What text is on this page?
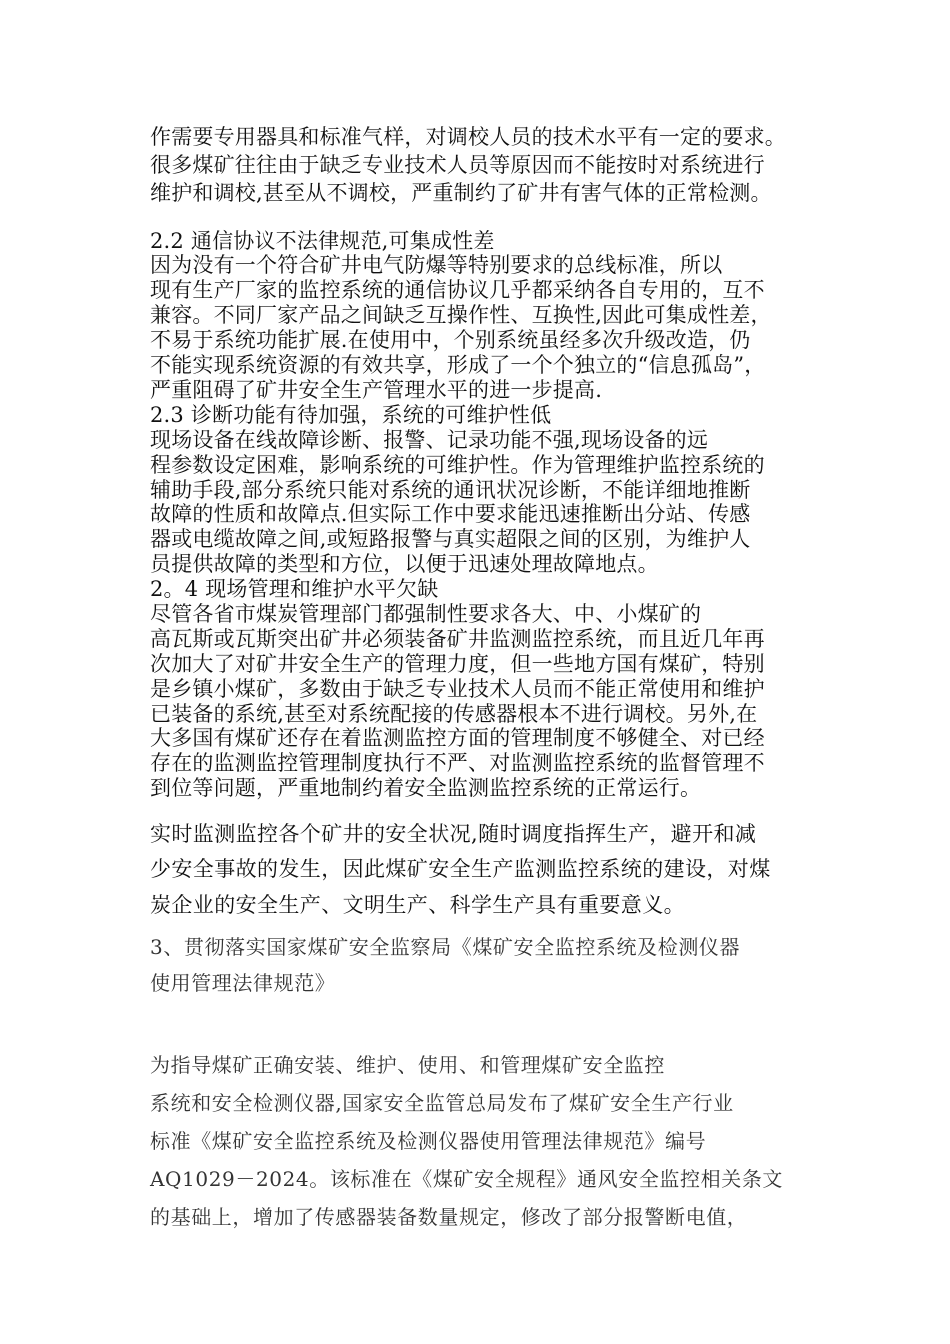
作需要专用器具和标准气样，对调校人员的技术水平有一定的要求。
很多煤矿往往由于缺乏专业技术人员等原因而不能按时对系统进行
维护和调校,甚至从不调校，严重制约了矿井有害气体的正常检测。
2.2 通信协议不法律规范,可集成性差
因为没有一个符合矿井电气防爆等特别要求的总线标准，所以
现有生产厂家的监控系统的通信协议几乎都采纳各自专用的，互不
兼容。不同厂家产品之间缺乏互操作性、互换性,因此可集成性差，
不易于系统功能扩展.在使用中，个别系统虽经多次升级改造，仍
不能实现系统资源的有效共享，形成了一个个独立的“信息孤岛”，
严重阻碍了矿井安全生产管理水平的进一步提高.
2.3 诊断功能有待加强，系统的可维护性低
现场设备在线故障诊断、报警、记录功能不强,现场设备的远
程参数设定困难，影响系统的可维护性。作为管理维护监控系统的
辅助手段,部分系统只能对系统的通讯状况诊断，不能详细地推断
故障的性质和故障点.但实际工作中要求能迅速推断出分站、传感
器或电缆故障之间,或短路报警与真实超限之间的区别，为维护人
员提供故障的类型和方位，以便于迅速处理故障地点。
2。4 现场管理和维护水平欠缺
尽管各省市煤炭管理部门都强制性要求各大、中、小煤矿的
高瓦斯或瓦斯突出矿井必须装备矿井监测监控系统，而且近几年再
次加大了对矿井安全生产的管理力度，但一些地方国有煤矿，特别
是乡镇小煤矿，多数由于缺乏专业技术人员而不能正常使用和维护
已装备的系统,甚至对系统配接的传感器根本不进行调校。另外,在
大多国有煤矿还存在着监测监控方面的管理制度不够健全、对已经
存在的监测监控管理制度执行不严、对监测监控系统的监督管理不
到位等问题，严重地制约着安全监测监控系统的正常运行。
实时监测监控各个矿井的安全状况,随时调度指挥生产，避开和减
少安全事故的发生，因此煤矿安全生产监测监控系统的建设，对煤
炭企业的安全生产、文明生产、科学生产具有重要意义。
3、贯彻落实国家煤矿安全监察局《煤矿安全监控系统及检测仪器
使用管理法律规范》
为指导煤矿正确安装、维护、使用、和管理煤矿安全监控
系统和安全检测仪器,国家安全监管总局发布了煤矿安全生产行业
标准《煤矿安全监控系统及检测仪器使用管理法律规范》编号
AQ1029－2024。该标准在《煤矿安全规程》通风安全监控相关条文
的基础上，增加了传感器装备数量规定，修改了部分报警断电值，
